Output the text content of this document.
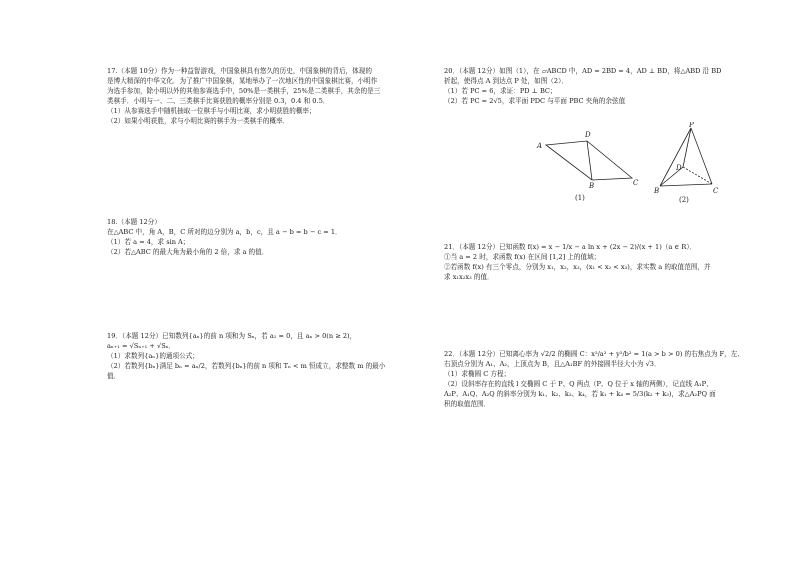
17.（本题 10分）作为一种益智游戏，中国象棋具有悠久的历史，中国象棋的背后，体现的
是博大精深的中华文化．为了推广中国象棋，某地举办了一次地区性的中国象棋比赛，小明作
为选手参加，除小明以外的其他参赛选手中，50%是一类棋手，25%是二类棋手，其余的是三
类棋手．小明与一、二、三类棋手比赛获胜的概率分别是 0.3，0.4 和 0.5．
（1）从参赛选手中随机抽取一位棋手与小明比赛，求小明获胜的概率；
（2）如果小明获胜，求与小明比赛的棋手为一类棋手的概率．
18.（本题 12分）
在△ABC 中，角 A，B，C 所对的边分别为 a，b，c，且 a − b = b − c = 1．
（1）若 a = 4，求 sin A；
（2）若△ABC 的最大角为最小角的 2 倍，求 a 的值．
19．（本题 12分）已知数列{aₙ}的前 n 项和为 Sₙ，若 a₁ = 0，且 aₙ > 0(n ≥ 2)，
aₙ₊₁ = √Sₙ₊₁ + √Sₙ．
（1）求数列{aₙ}的通项公式；
（2）若数列{bₙ}满足 bₙ = aₙ/2，若数列{bₙ}的前 n 项和 Tₙ < m 恒成立，求整数 m 的最小
值．
20．（本题 12分）如图（1），在 ▱ABCD 中，AD = 2BD = 4，AD ⊥ BD，将△ABD 沿 BD
折起，使得点 A 到达点 P 处，如图（2）．
（1）若 PC = 6，求证：PD ⊥ BC；
（2）若 PC = 2√5，求平面 PDC 与平面 PBC 夹角的余弦值
A
D
B	C
(1)
P
D
B	C
(2)
21．（本题 12分）已知函数 f(x) = x − 1/x − a ln x + (2x − 2)/(x + 1)（a ∈ R）．
①当 a = 2 时，求函数 f(x) 在区间 [1,2] 上的值域；
②若函数 f(x) 有三个零点，分别为 x₁，x₂，x₃，(x₁ < x₂ < x₃)，求实数 a 的取值范围，并
求 x₁x₂x₃ 的值．
22．（本题 12分）已知离心率为 √2/2 的椭圆 C：x²/a² + y²/b² = 1(a > b > 0) 的右焦点为 F，左、
右顶点分别为 A₁、A₂，上顶点为 B，且△A₁BF 的外接圆半径大小为 √3．
（1）求椭圆 C 方程；
（2）设斜率存在的直线 l 交椭圆 C 于 P、Q 两点（P、Q 位于 x 轴的两侧），记直线 A₁P、
A₂P、A₁Q、A₂Q 的斜率分别为 k₁、k₂、k₃、k₄，若 k₁ + k₄ = 5/3(k₂ + k₃)，求△A₂PQ 面
积的取值范围．
